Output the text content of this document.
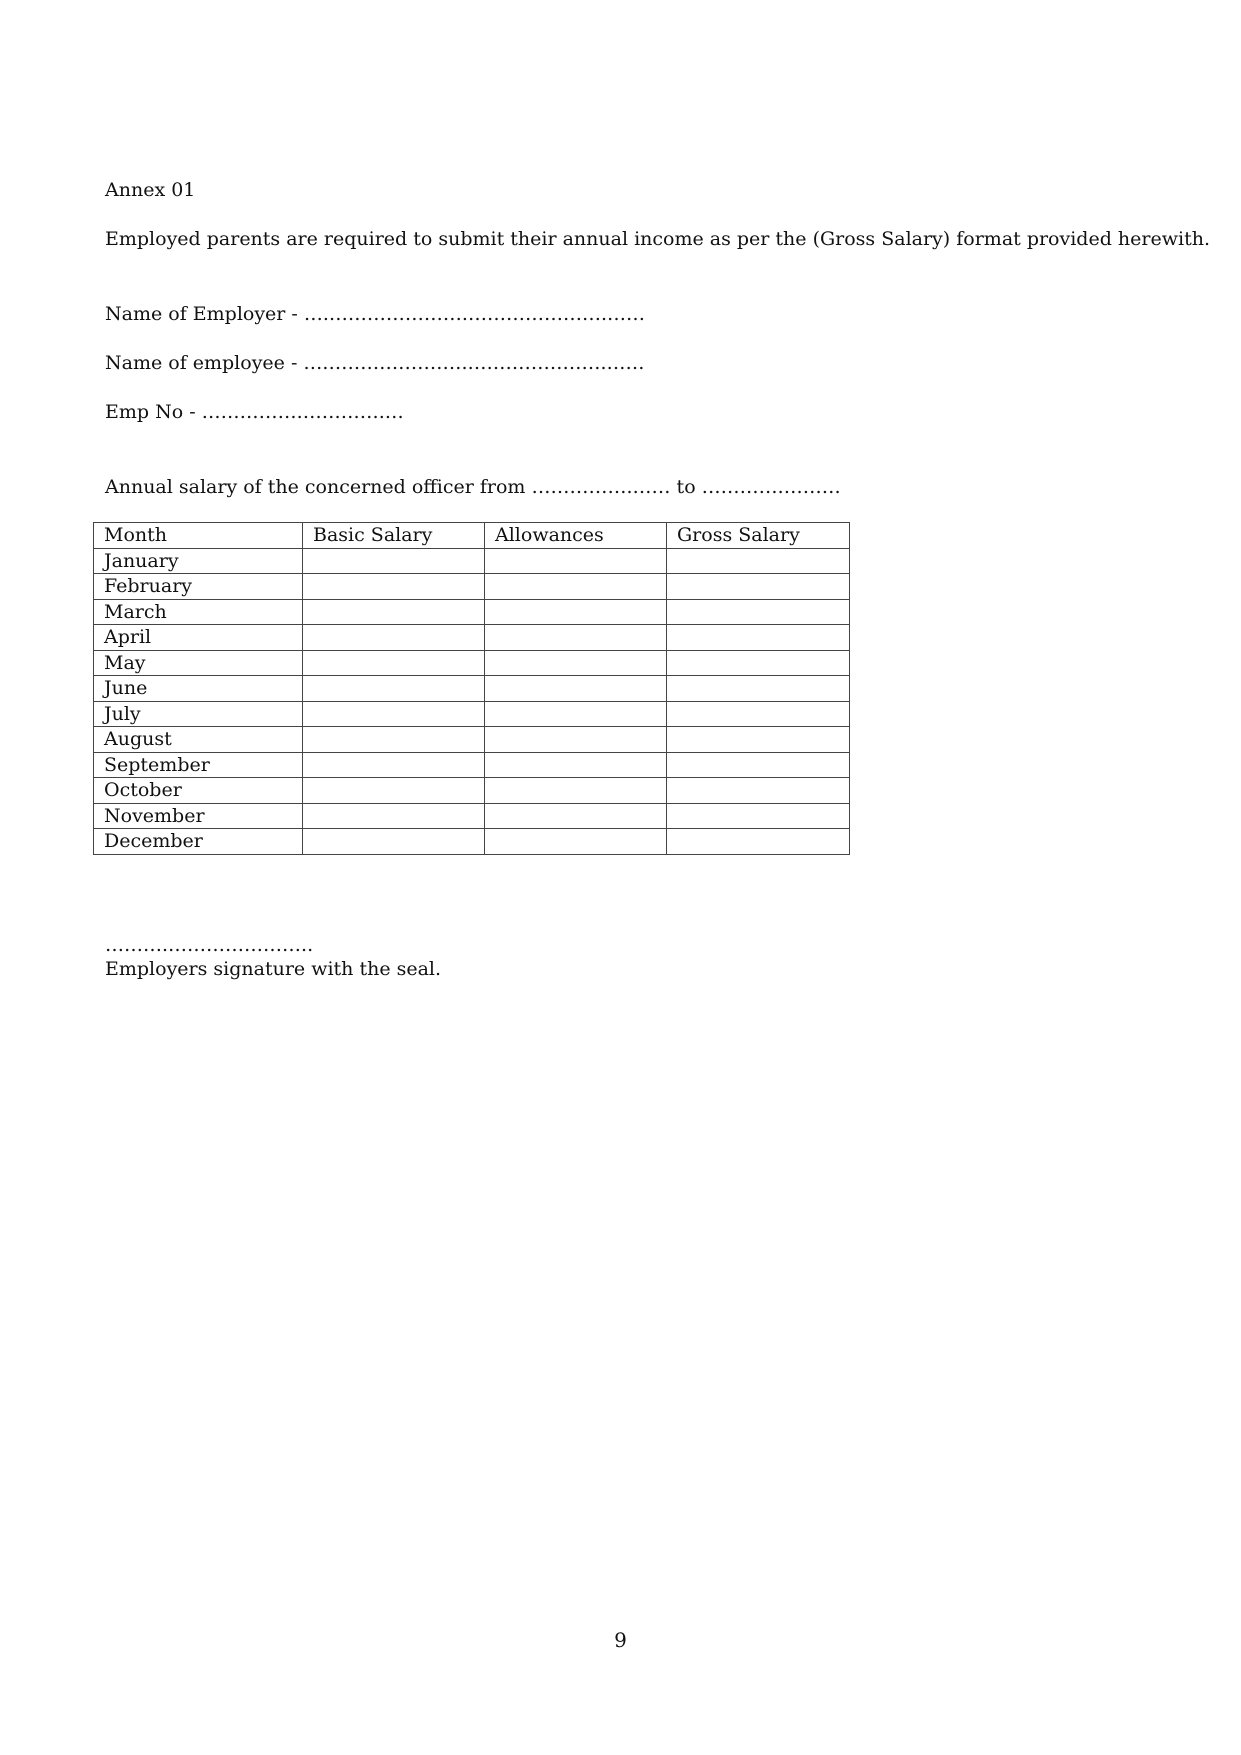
Annex 01
Employed parents are required to submit their annual income as per the (Gross Salary) format provided herewith.
Name of Employer - ….………………….………………….……
Name of employee - ….………………….………………….……
Emp No - …………….………….…
Annual salary of the concerned officer from …………….…… to ………….………
Month	Basic Salary	Allowances	Gross Salary
January			
February			
March			
April			
May			
June			
July			
August			
September			
October			
November			
December			
……….…………………..
Employers signature with the seal.
9
